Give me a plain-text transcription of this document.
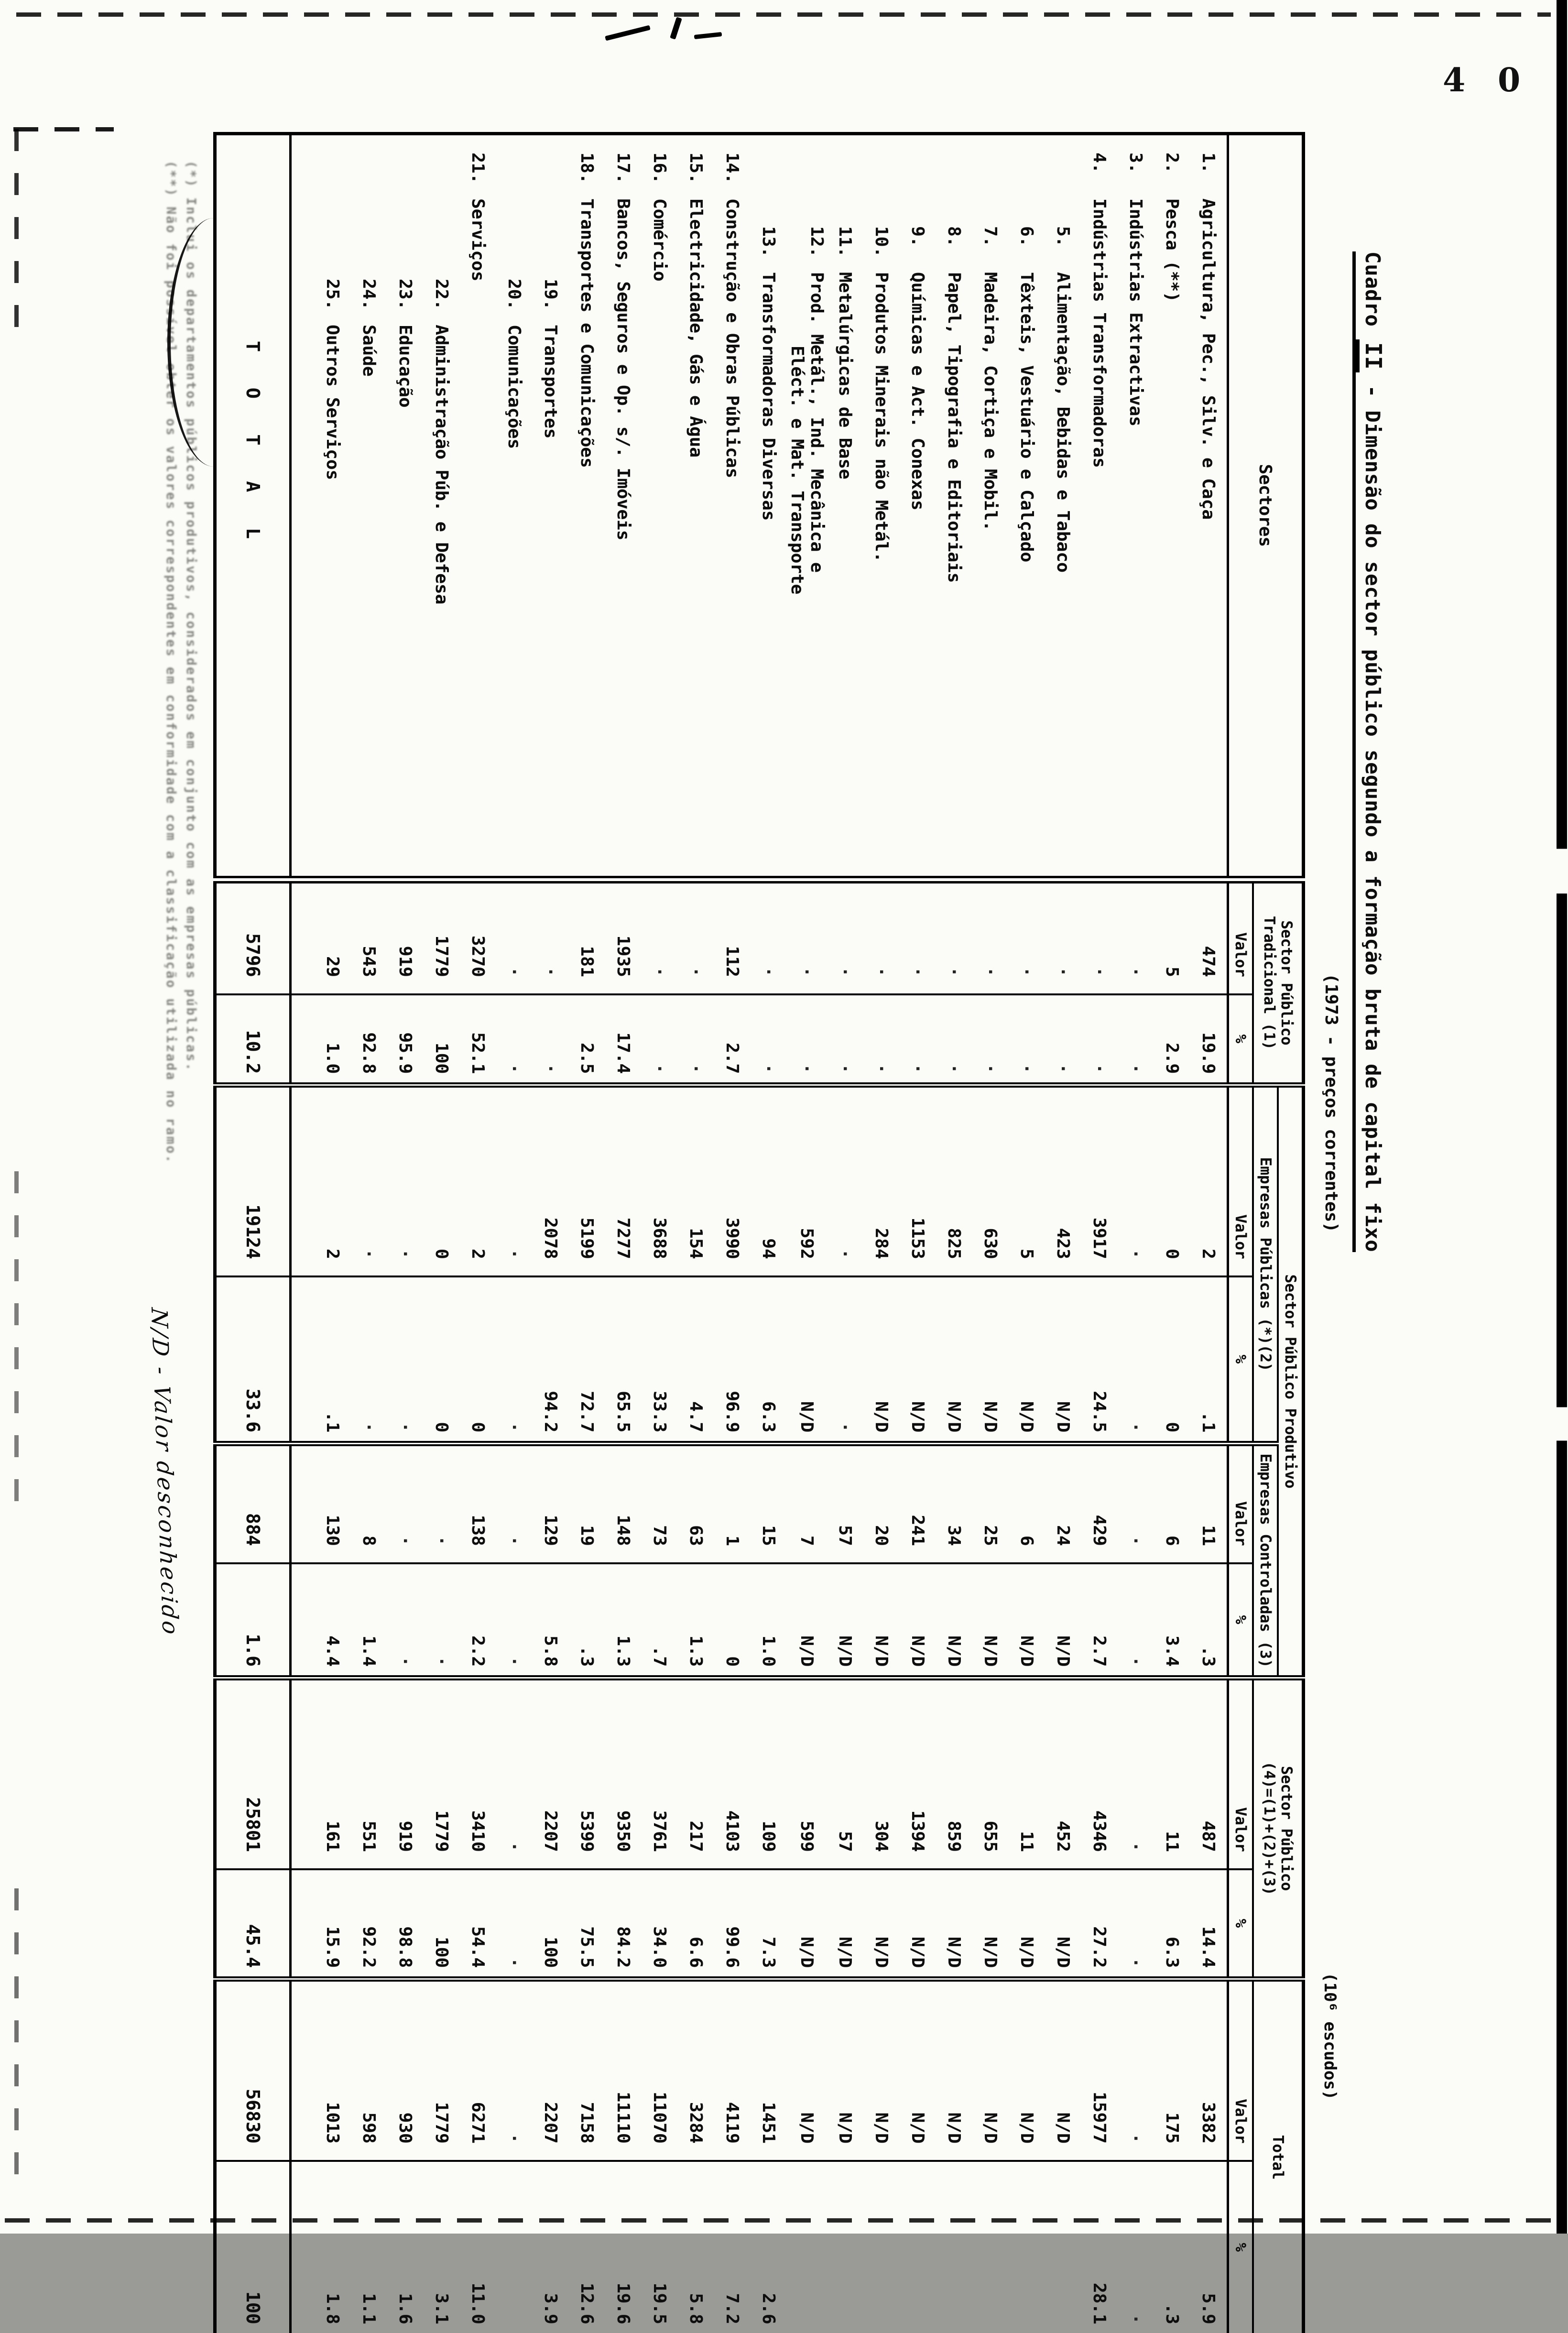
4 0
Cuadro II - Dimensão do sector público segundo a formação bruta de capital fixo
(1973 - preços correntes)
(10⁶ escudos)
Sectores	
Sector Público
Tradicional (1)
	Sector Público Produtivo	
Sector Público
(4)=(1)+(2)+(3)
	Total
			Empresas Públicas (*)(2)		Empresas Controladas (3)					
	Valor	%	Valor	%	Valor	%	Valor	%	Valor	%
1.Agricultura, Pec., Silv. e Caça	474	19.9	2	.1	11	.3	487	14.4	3382	5.9
2.Pesca (**)	5	2.9	0	0	6	3.4	11	6.3	175	.3
3.Indústrias Extractivas	·	·	·	·	·	·	·	·	·	·
4.Indústrias Transformadoras	·	·	3917	24.5	429	2.7	4346	27.2	15977	28.1
5.Alimentação, Bebidas e Tabaco	·	·	423	N/D	24	N/D	452	N/D	N/D	
6.Têxteis, Vestuário e Calçado	·	·	5	N/D	6	N/D	11	N/D	N/D	
7.Madeira, Cortiça e Mobil.	·	·	630	N/D	25	N/D	655	N/D	N/D	
8.Papel, Tipografia e Editoriais	·	·	825	N/D	34	N/D	859	N/D	N/D	
9.Químicas e Act. Conexas	·	·	1153	N/D	241	N/D	1394	N/D	N/D	
10.Produtos Minerais não Metál.	·	·	284	N/D	20	N/D	304	N/D	N/D	
11.Metalúrgicas de Base	·	·	·	·	57	N/D	57	N/D	N/D	
12.Prod. Metál., Ind. Mecânica e
Eléct. e Mat. Transporte	·	·	592	N/D	7	N/D	599	N/D	N/D	
13.Transformadoras Diversas	·	·	94	6.3	15	1.0	109	7.3	1451	2.6
14.Construção e Obras Públicas	112	2.7	3990	96.9	1	0	4103	99.6	4119	7.2
15.Electricidade, Gás e Água	·	·	154	4.7	63	1.3	217	6.6	3284	5.8
16.Comércio	·	·	3688	33.3	73	.7	3761	34.0	11070	19.5
17.Bancos, Seguros e Op. s/. Imóveis	1935	17.4	7277	65.5	148	1.3	9350	84.2	11110	19.6
18.Transportes e Comunicações	181	2.5	5199	72.7	19	.3	5399	75.5	7158	12.6
19.Transportes	·	·	2078	94.2	129	5.8	2207	100	2207	3.9
20.Comunicações	·	·	·	·	·	·	·	·	·	
21.Serviços	3270	52.1	2	0	138	2.2	3410	54.4	6271	11.0
22.Administração Púb. e Defesa	1779	100	0	0	·	·	1779	100	1779	3.1
23.Educação	919	95.9	·	·	·	·	919	98.8	930	1.6
24.Saúde	543	92.8	·	·	8	1.4	551	92.2	598	1.1
25.Outros Serviços	29	1.0	2	.1	130	4.4	161	15.9	1013	1.8

T O T A L	5796	10.2	19124	33.6	884	1.6	25801	45.4	56830	100
(*) Inclui os departamentos públicos produtivos, considerados em conjunto com as empresas públicas.
(**) Não foi possível obter os valores correspondentes em conformidade com a classificação utilizada no ramo.
N/D - Valor desconhecido
